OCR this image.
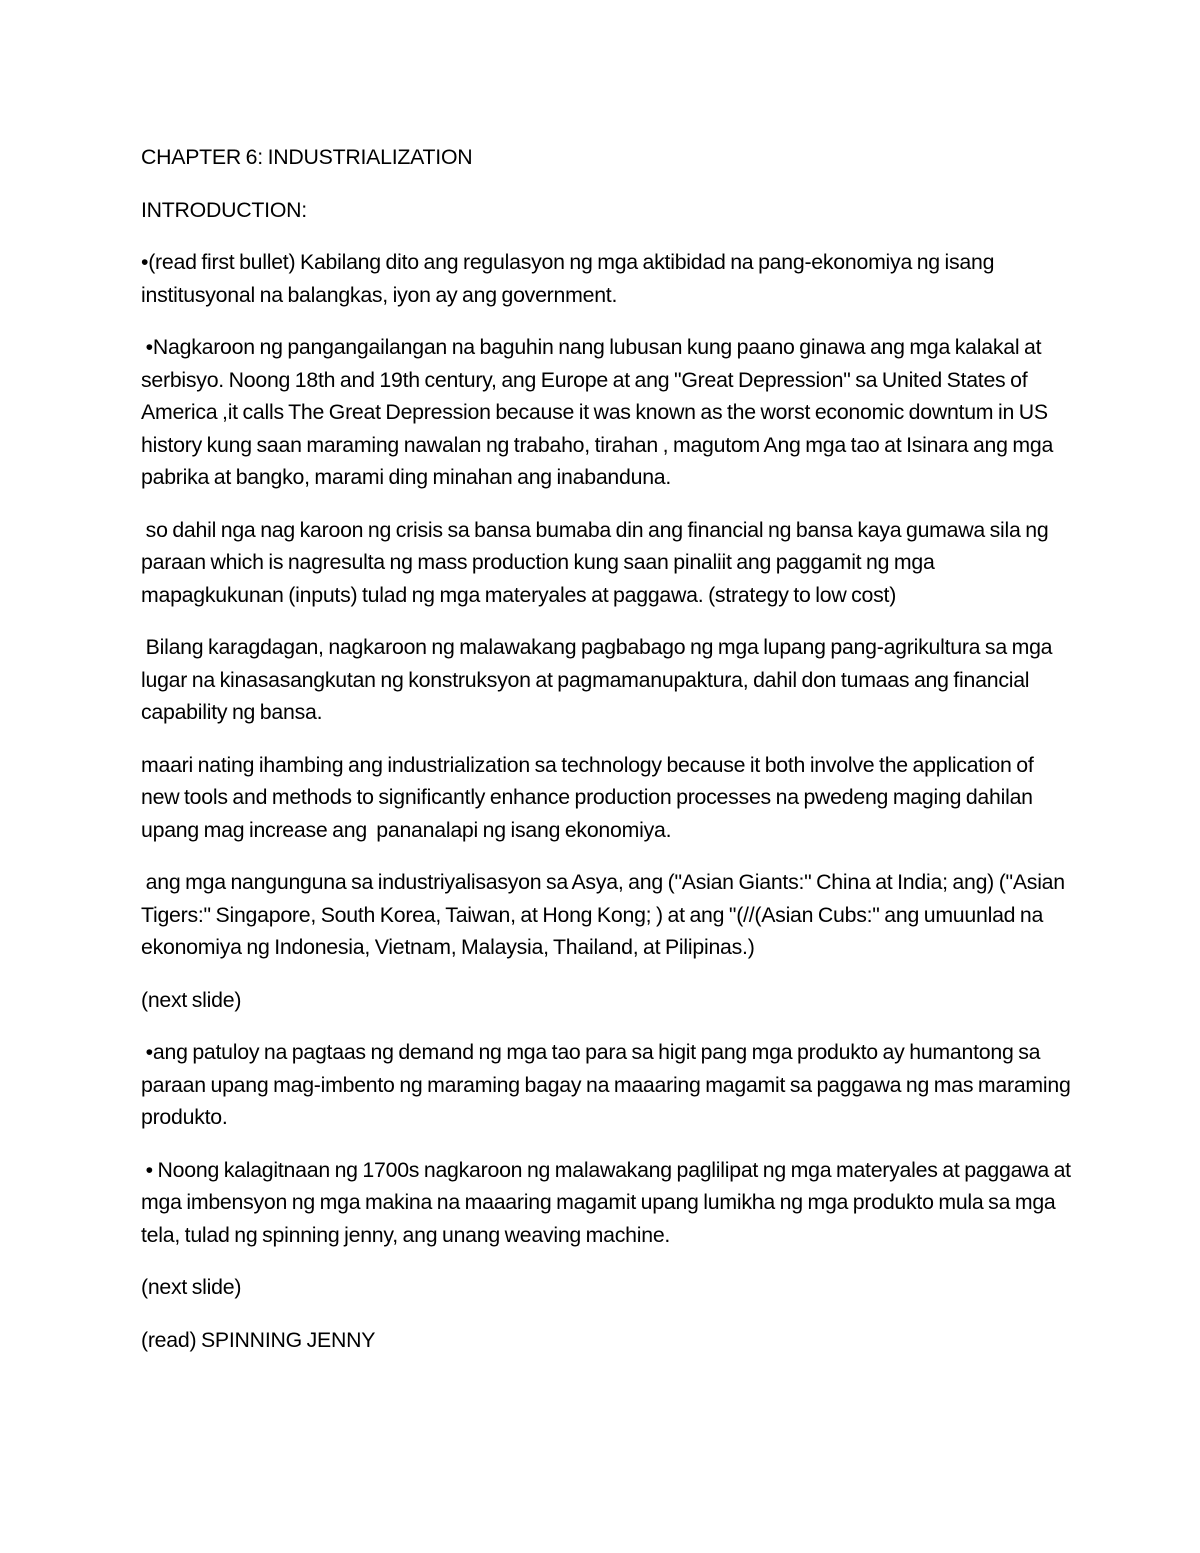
CHAPTER 6: INDUSTRIALIZATION

INTRODUCTION:

•(read first bullet) Kabilang dito ang regulasyon ng mga aktibidad na pang-ekonomiya ng isang institusyonal na balangkas, iyon ay ang government.

•Nagkaroon ng pangangailangan na baguhin nang lubusan kung paano ginawa ang mga kalakal at serbisyo. Noong 18th and 19th century, ang Europe at ang "Great Depression" sa United States of America ,it calls The Great Depression because it was known as the worst economic downtum in US history kung saan maraming nawalan ng trabaho, tirahan , magutom Ang mga tao at Isinara ang mga pabrika at bangko, marami ding minahan ang inabanduna.

so dahil nga nag karoon ng crisis sa bansa bumaba din ang financial ng bansa kaya gumawa sila ng paraan which is nagresulta ng mass production kung saan pinaliit ang paggamit ng mga mapagkukunan (inputs) tulad ng mga materyales at paggawa. (strategy to low cost)

Bilang karagdagan, nagkaroon ng malawakang pagbabago ng mga lupang pang-agrikultura sa mga lugar na kinasasangkutan ng konstruksyon at pagmamanupaktura, dahil don tumaas ang financial capability ng bansa.

maari nating ihambing ang industrialization sa technology because it both involve the application of new tools and methods to significantly enhance production processes na pwedeng maging dahilan upang mag increase ang  pananalapi ng isang ekonomiya.

ang mga nangunguna sa industriyalisasyon sa Asya, ang ("Asian Giants:" China at India; ang) ("Asian Tigers:" Singapore, South Korea, Taiwan, at Hong Kong; ) at ang "(//(Asian Cubs:" ang umuunlad na ekonomiya ng Indonesia, Vietnam, Malaysia, Thailand, at Pilipinas.)

(next slide)

•ang patuloy na pagtaas ng demand ng mga tao para sa higit pang mga produkto ay humantong sa paraan upang mag-imbento ng maraming bagay na maaaring magamit sa paggawa ng mas maraming produkto.

• Noong kalagitnaan ng 1700s nagkaroon ng malawakang paglilipat ng mga materyales at paggawa at mga imbensyon ng mga makina na maaaring magamit upang lumikha ng mga produkto mula sa mga tela, tulad ng spinning jenny, ang unang weaving machine.

(next slide)

(read) SPINNING JENNY
